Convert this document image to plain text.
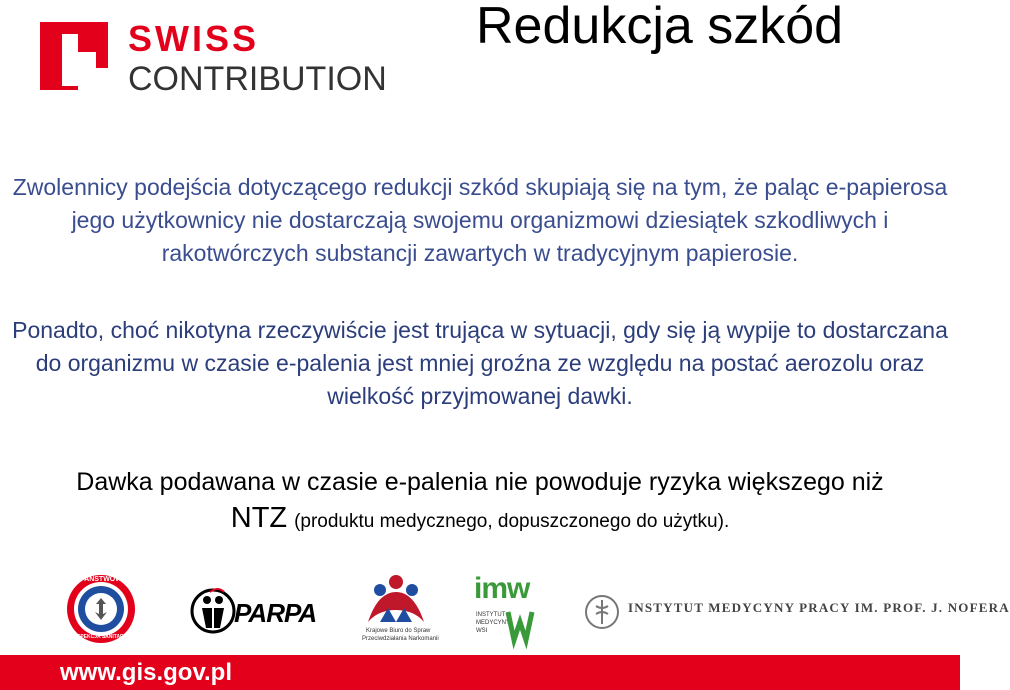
SWISS
CONTRIBUTION
Redukcja szkód

Zwolennicy podejścia dotyczącego redukcji szkód skupiają się na tym, że paląc e-papierosa jego użytkownicy nie dostarczają swojemu organizmowi dziesiątek szkodliwych i rakotwórczych substancji zawartych w tradycyjnym papierosie.

Ponadto, choć nikotyna rzeczywiście jest trująca w sytuacji, gdy się ją wypije to dostarczana do organizmu w czasie e-palenia jest mniej groźna ze względu na postać aerozolu oraz wielkość przyjmowanej dawki.

Dawka podawana w czasie e-palenia nie powoduje ryzyka większego niż
NTZ (produktu medycznego, dopuszczonego do użytku).

PAŃSTWOWA
INSPEKCJA SANITARNA
PARPA
Krajowe Biuro do Spraw
Przeciwdziałania Narkomanii
imw
INSTYTUT
MEDYCYNY
WSI
INSTYTUT MEDYCYNY PRACY IM. PROF. J. NOFERA
www.gis.gov.pl
